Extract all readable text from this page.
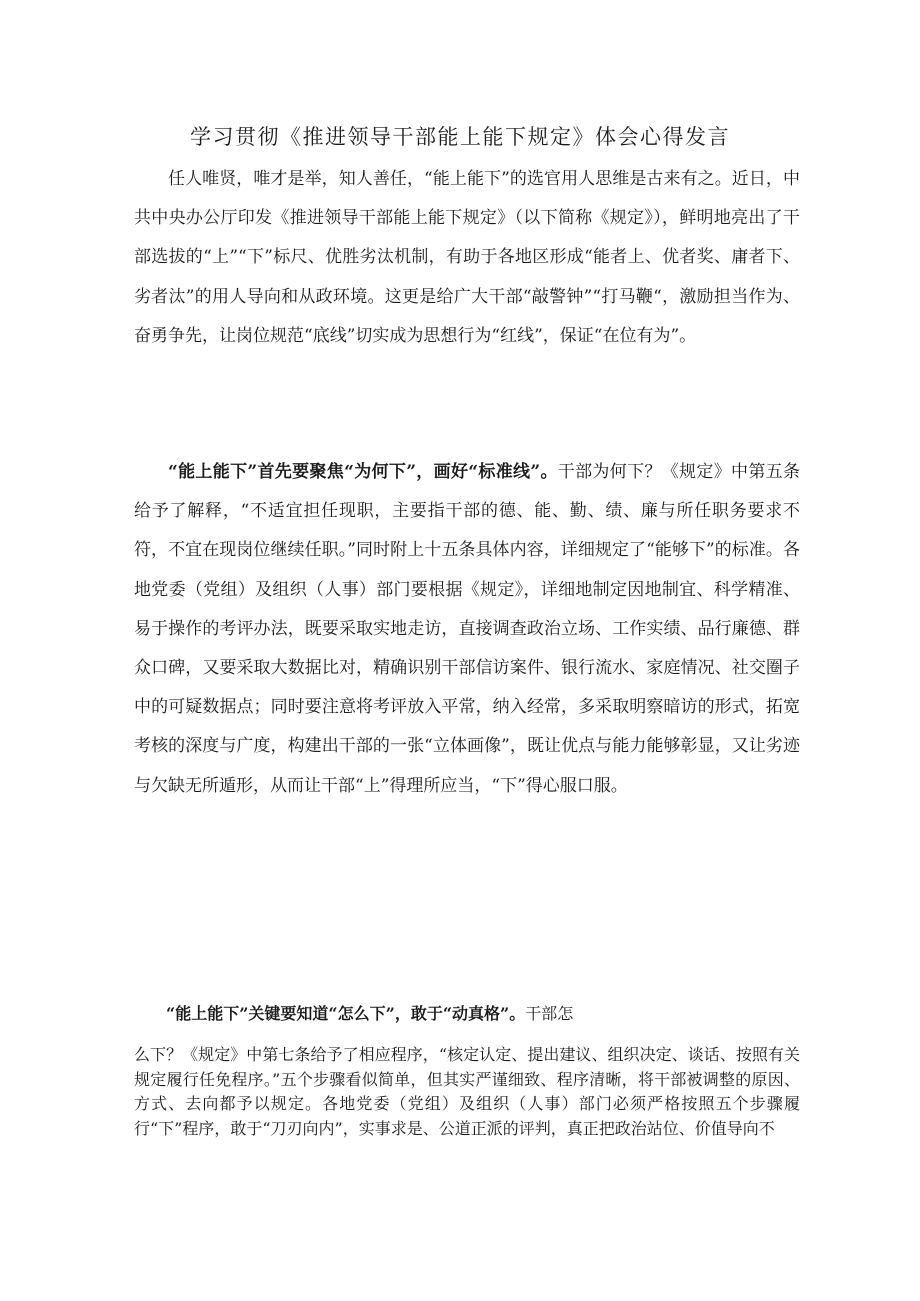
学习贯彻《推进领导干部能上能下规定》体会心得发言

任人唯贤，唯才是举，知人善任，“能上能下”的选官用人思维是古来有之。近日，中共中央办公厅印发《推进领导干部能上能下规定》（以下简称《规定》），鲜明地亮出了干部选拔的“上”“下”标尺、优胜劣汰机制，有助于各地区形成“能者上、优者奖、庸者下、劣者汰”的用人导向和从政环境。这更是给广大干部“敲警钟”“打马鞭“，激励担当作为、奋勇争先，让岗位规范“底线”切实成为思想行为“红线”，保证“在位有为”。

“能上能下”首先要聚焦“为何下”，画好“标准线”。干部为何下？《规定》中第五条给予了解释，“不适宜担任现职，主要指干部的德、能、勤、绩、廉与所任职务要求不符，不宜在现岗位继续任职。”同时附上十五条具体内容，详细规定了“能够下”的标准。各地党委（党组）及组织（人事）部门要根据《规定》，详细地制定因地制宜、科学精准、易于操作的考评办法，既要采取实地走访，直接调查政治立场、工作实绩、品行廉德、群众口碑，又要采取大数据比对，精确识别干部信访案件、银行流水、家庭情况、社交圈子中的可疑数据点；同时要注意将考评放入平常，纳入经常，多采取明察暗访的形式，拓宽考核的深度与广度，构建出干部的一张“立体画像”，既让优点与能力能够彰显，又让劣迹与欠缺无所遁形，从而让干部“上”得理所应当，“下”得心服口服。

“能上能下”关键要知道“怎么下”，敢于“动真格”。干部怎
么下？《规定》中第七条给予了相应程序，“核定认定、提出建议、组织决定、谈话、按照有关规定履行任免程序。”五个步骤看似简单，但其实严谨细致、程序清晰，将干部被调整的原因、方式、去向都予以规定。各地党委（党组）及组织（人事）部门必须严格按照五个步骤履行“下”程序，敢于“刀刃向内”，实事求是、公道正派的评判，真正把政治站位、价值导向不
